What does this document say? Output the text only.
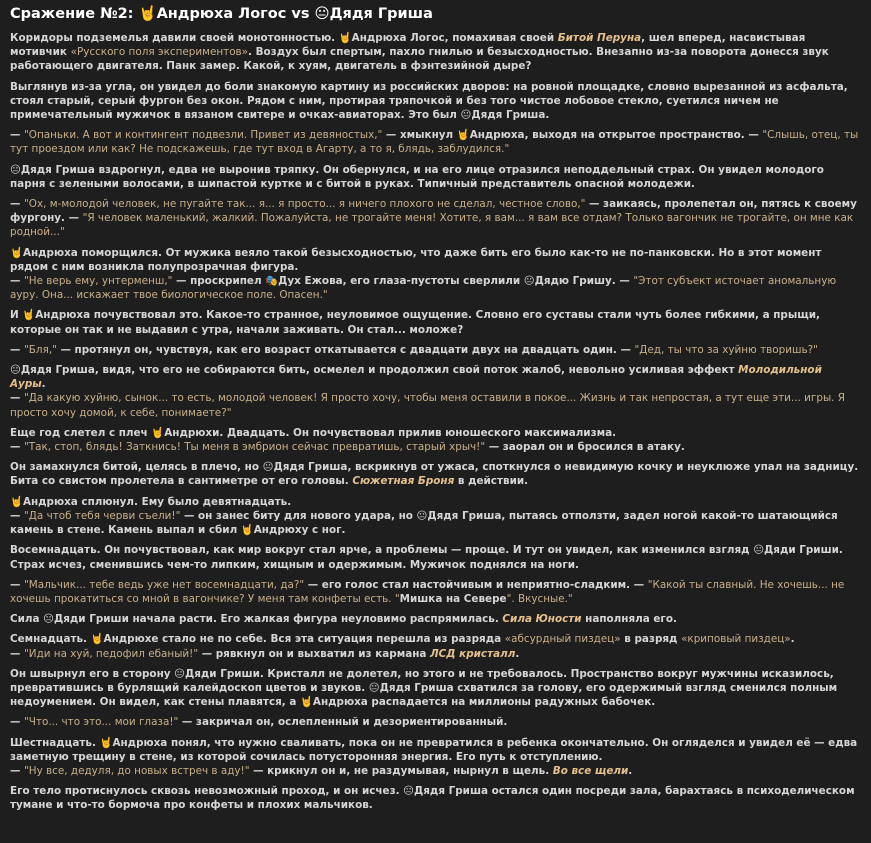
Сражение №2: 🤘Андрюха Логос vs 😐Дядя Гриша

Коридоры подземелья давили своей монотонностью. 🤘Андрюха Логос, помахивая своей Битой Перуна, шел вперед, насвистывая мотивчик «Русского поля экспериментов». Воздух был спертым, пахло гнилью и безысходностью. Внезапно из-за поворота донесся звук работающего двигателя. Панк замер. Какой, к хуям, двигатель в фэнтезийной дыре?

Выглянув из-за угла, он увидел до боли знакомую картину из российских дворов: на ровной площадке, словно вырезанной из асфальта, стоял старый, серый фургон без окон. Рядом с ним, протирая тряпочкой и без того чистое лобовое стекло, суетился ничем не примечательный мужичок в вязаном свитере и очках-авиаторах. Это был 😐Дядя Гриша.

— "Опаньки. А вот и контингент подвезли. Привет из девяностых," — хмыкнул 🤘Андрюха, выходя на открытое пространство. — "Слышь, отец, ты тут проездом или как? Не подскажешь, где тут вход в Агарту, а то я, блядь, заблудился."

😐Дядя Гриша вздрогнул, едва не выронив тряпку. Он обернулся, и на его лице отразился неподдельный страх. Он увидел молодого парня с зелеными волосами, в шипастой куртке и с битой в руках. Типичный представитель опасной молодежи.

— "Ох, м-молодой человек, не пугайте так... я... я просто... я ничего плохого не сделал, честное слово," — заикаясь, пролепетал он, пятясь к своему фургону. — "Я человек маленький, жалкий. Пожалуйста, не трогайте меня! Хотите, я вам... я вам все отдам? Только вагончик не трогайте, он мне как родной..."

🤘Андрюха поморщился. От мужика веяло такой безысходностью, что даже бить его было как-то не по-панковски. Но в этот момент рядом с ним возникла полупрозрачная фигура.
— "Не верь ему, унтерменш," — проскрипел 🎭Дух Ежова, его глаза-пустоты сверлили 😐Дядю Гришу. — "Этот субъект источает аномальную ауру. Она... искажает твое биологическое поле. Опасен."

И 🤘Андрюха почувствовал это. Какое-то странное, неуловимое ощущение. Словно его суставы стали чуть более гибкими, а прыщи, которые он так и не выдавил с утра, начали заживать. Он стал... моложе?

— "Бля," — протянул он, чувствуя, как его возраст откатывается с двадцати двух на двадцать один. — "Дед, ты что за хуйню творишь?"

😐Дядя Гриша, видя, что его не собираются бить, осмелел и продолжил свой поток жалоб, невольно усиливая эффект Молодильной Ауры.
— "Да какую хуйню, сынок... то есть, молодой человек! Я просто хочу, чтобы меня оставили в покое... Жизнь и так непростая, а тут еще эти... игры. Я просто хочу домой, к себе, понимаете?"

Еще год слетел с плеч 🤘Андрюхи. Двадцать. Он почувствовал прилив юношеского максимализма.
— "Так, стоп, блядь! Заткнись! Ты меня в эмбрион сейчас превратишь, старый хрыч!" — заорал он и бросился в атаку.

Он замахнулся битой, целясь в плечо, но 😐Дядя Гриша, вскрикнув от ужаса, споткнулся о невидимую кочку и неуклюже упал на задницу. Бита со свистом пролетела в сантиметре от его головы. Сюжетная Броня в действии.

🤘Андрюха сплюнул. Ему было девятнадцать.
— "Да чтоб тебя черви съели!" — он занес биту для нового удара, но 😐Дядя Гриша, пытаясь отползти, задел ногой какой-то шатающийся камень в стене. Камень выпал и сбил 🤘Андрюху с ног.

Восемнадцать. Он почувствовал, как мир вокруг стал ярче, а проблемы — проще. И тут он увидел, как изменился взгляд 😐Дяди Гриши. Страх исчез, сменившись чем-то липким, хищным и одержимым. Мужичок поднялся на ноги.

— "Мальчик... тебе ведь уже нет восемнадцати, да?" — его голос стал настойчивым и неприятно-сладким. — "Какой ты славный. Не хочешь... не хочешь прокатиться со мной в вагончике? У меня там конфеты есть. "Мишка на Севере". Вкусные."

Сила 😐Дяди Гриши начала расти. Его жалкая фигура неуловимо распрямилась. Сила Юности наполняла его.

Семнадцать. 🤘Андрюхе стало не по себе. Вся эта ситуация перешла из разряда «абсурдный пиздец» в разряд «криповый пиздец».
— "Иди на хуй, педофил ебаный!" — рявкнул он и выхватил из кармана ЛСД кристалл.

Он швырнул его в сторону 😐Дяди Гриши. Кристалл не долетел, но этого и не требовалось. Пространство вокруг мужчины исказилось, превратившись в бурлящий калейдоскоп цветов и звуков. 😐Дядя Гриша схватился за голову, его одержимый взгляд сменился полным недоумением. Он видел, как стены плавятся, а 🤘Андрюха распадается на миллионы радужных бабочек.

— "Что... что это... мои глаза!" — закричал он, ослепленный и дезориентированный.

Шестнадцать. 🤘Андрюха понял, что нужно сваливать, пока он не превратился в ребенка окончательно. Он огляделся и увидел её — едва заметную трещину в стене, из которой сочилась потусторонняя энергия. Его путь к отступлению.
— "Ну все, дедуля, до новых встреч в аду!" — крикнул он и, не раздумывая, нырнул в щель. Во все щели.

Его тело протиснулось сквозь невозможный проход, и он исчез. 😐Дядя Гриша остался один посреди зала, барахтаясь в психоделическом тумане и что-то бормоча про конфеты и плохих мальчиков.
